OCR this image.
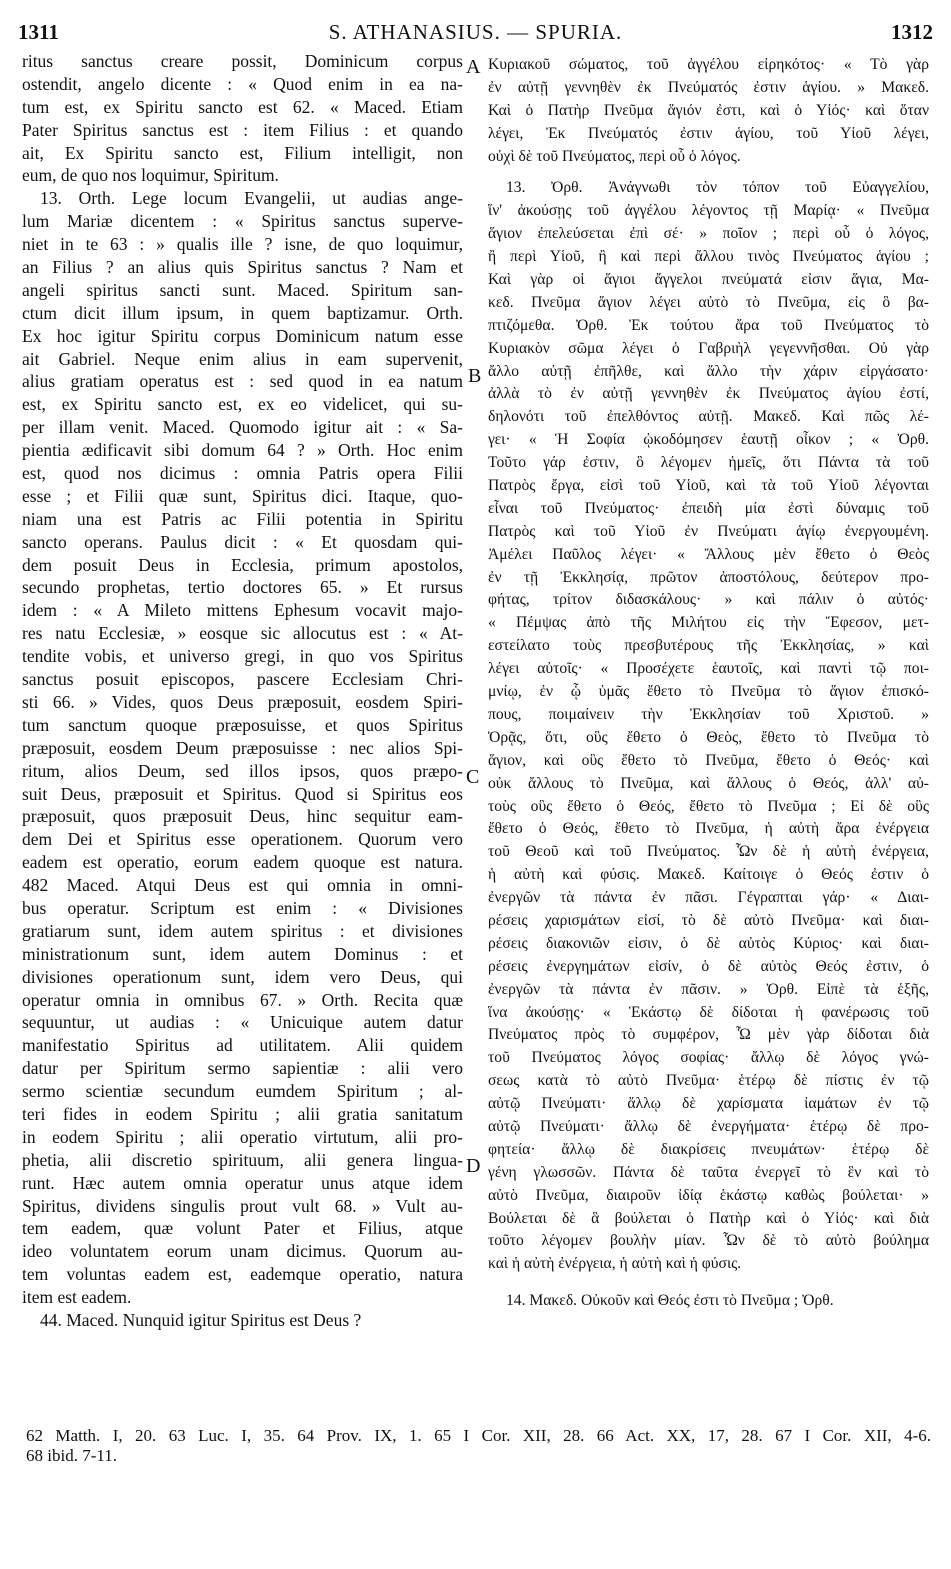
1311	S. ATHANASIUS. — SPURIA.	1312
A
B
C
D
ritus sanctus creare possit, Dominicum corpus
ostendit, angelo dicente : « Quod enim in ea na-
tum est, ex Spiritu sancto est 62. « Maced. Etiam
Pater Spiritus sanctus est : item Filius : et quando
ait, Ex Spiritu sancto est, Filium intelligit, non
eum, de quo nos loquimur, Spiritum.
13. Orth. Lege locum Evangelii, ut audias ange-
lum Mariæ dicentem : « Spiritus sanctus superve-
niet in te 63 : » qualis ille ? isne, de quo loquimur,
an Filius ? an alius quis Spiritus sanctus ? Nam et
angeli spiritus sancti sunt. Maced. Spiritum san-
ctum dicit illum ipsum, in quem baptizamur. Orth.
Ex hoc igitur Spiritu corpus Dominicum natum esse
ait Gabriel. Neque enim alius in eam supervenit,
alius gratiam operatus est : sed quod in ea natum
est, ex Spiritu sancto est, ex eo videlicet, qui su-
per illam venit. Maced. Quomodo igitur ait : « Sa-
pientia ædificavit sibi domum 64 ? » Orth. Hoc enim
est, quod nos dicimus : omnia Patris opera Filii
esse ; et Filii quæ sunt, Spiritus dici. Itaque, quo-
niam una est Patris ac Filii potentia in Spiritu
sancto operans. Paulus dicit : « Et quosdam qui-
dem posuit Deus in Ecclesia, primum apostolos,
secundo prophetas, tertio doctores 65. » Et rursus
idem : « A Mileto mittens Ephesum vocavit majo-
res natu Ecclesiæ, » eosque sic allocutus est : « At-
tendite vobis, et universo gregi, in quo vos Spiritus
sanctus posuit episcopos, pascere Ecclesiam Chri-
sti 66. » Vides, quos Deus præposuit, eosdem Spiri-
tum sanctum quoque præposuisse, et quos Spiritus
præposuit, eosdem Deum præposuisse : nec alios Spi-
ritum, alios Deum, sed illos ipsos, quos præpo-
suit Deus, præposuit et Spiritus. Quod si Spiritus eos
præposuit, quos præposuit Deus, hinc sequitur eam-
dem Dei et Spiritus esse operationem. Quorum vero
eadem est operatio, eorum eadem quoque est natura.
482 Maced. Atqui Deus est qui omnia in omni-
bus operatur. Scriptum est enim : « Divisiones
gratiarum sunt, idem autem spiritus : et divisiones
ministrationum sunt, idem autem Dominus : et
divisiones operationum sunt, idem vero Deus, qui
operatur omnia in omnibus 67. » Orth. Recita quæ
sequuntur, ut audias : « Unicuique autem datur
manifestatio Spiritus ad utilitatem. Alii quidem
datur per Spiritum sermo sapientiæ : alii vero
sermo scientiæ secundum eumdem Spiritum ; al-
teri fides in eodem Spiritu ; alii gratia sanitatum
in eodem Spiritu ; alii operatio virtutum, alii pro-
phetia, alii discretio spirituum, alii genera lingua-
runt. Hæc autem omnia operatur unus atque idem
Spiritus, dividens singulis prout vult 68. » Vult au-
tem eadem, quæ volunt Pater et Filius, atque
ideo voluntatem eorum unam dicimus. Quorum au-
tem voluntas eadem est, eademque operatio, natura
item est eadem.
44. Maced. Nunquid igitur Spiritus est Deus ?
Κυριακοῦ σώματος, τοῦ ἀγγέλου εἰρηκότος· « Τὸ γὰρ
ἐν αὐτῇ γεννηθὲν ἐκ Πνεύματός ἐστιν ἁγίου. » Μακεδ.
Καὶ ὁ Πατὴρ Πνεῦμα ἅγιόν ἐστι, καὶ ὁ Υἱός· καὶ ὅταν
λέγει, Ἐκ Πνεύματός ἐστιν ἁγίου, τοῦ Υἱοῦ λέγει,
οὐχὶ δὲ τοῦ Πνεύματος, περὶ οὗ ὁ λόγος.
13. Ὀρθ. Ἀνάγνωθι τὸν τόπον τοῦ Εὐαγγελίου,
ἵν' ἀκούσῃς τοῦ ἀγγέλου λέγοντος τῇ Μαρίᾳ· « Πνεῦμα
ἅγιον ἐπελεύσεται ἐπὶ σέ· » ποῖον ; περὶ οὗ ὁ λόγος,
ἢ περὶ Υἱοῦ, ἢ καὶ περὶ ἄλλου τινὸς Πνεύματος ἁγίου ;
Καὶ γὰρ οἱ ἅγιοι ἄγγελοι πνεύματά εἰσιν ἅγια, Μα-
κεδ. Πνεῦμα ἅγιον λέγει αὐτὸ τὸ Πνεῦμα, εἰς ὃ βα-
πτιζόμεθα. Ὀρθ. Ἐκ τούτου ἄρα τοῦ Πνεύματος τὸ
Κυριακὸν σῶμα λέγει ὁ Γαβριὴλ γεγεννῆσθαι. Οὐ γὰρ
ἄλλο αὐτῇ ἐπῆλθε, καὶ ἄλλο τὴν χάριν εἰργάσατο·
ἀλλὰ τὸ ἐν αὐτῇ γεννηθὲν ἐκ Πνεύματος ἁγίου ἐστί,
δηλονότι τοῦ ἐπελθόντος αὐτῇ. Μακεδ. Καὶ πῶς λέ-
γει· « Ἡ Σοφία ᾠκοδόμησεν ἑαυτῇ οἶκον ; « Ὀρθ.
Τοῦτο γάρ ἐστιν, ὃ λέγομεν ἡμεῖς, ὅτι Πάντα τὰ τοῦ
Πατρὸς ἔργα, εἰσὶ τοῦ Υἱοῦ, καὶ τὰ τοῦ Υἱοῦ λέγονται
εἶναι τοῦ Πνεύματος· ἐπειδὴ μία ἐστὶ δύναμις τοῦ
Πατρὸς καὶ τοῦ Υἱοῦ ἐν Πνεύματι ἁγίῳ ἐνεργουμένη.
Ἀμέλει Παῦλος λέγει· « Ἄλλους μὲν ἔθετο ὁ Θεὸς
ἐν τῇ Ἐκκλησίᾳ, πρῶτον ἀποστόλους, δεύτερον προ-
φήτας, τρίτον διδασκάλους· » καὶ πάλιν ὁ αὐτός·
« Πέμψας ἀπὸ τῆς Μιλήτου εἰς τὴν Ἔφεσον, μετ-
εστείλατο τοὺς πρεσβυτέρους τῆς Ἐκκλησίας, » καὶ
λέγει αὐτοῖς· « Προσέχετε ἑαυτοῖς, καὶ παντὶ τῷ ποι-
μνίῳ, ἐν ᾧ ὑμᾶς ἔθετο τὸ Πνεῦμα τὸ ἅγιον ἐπισκό-
πους, ποιμαίνειν τὴν Ἐκκλησίαν τοῦ Χριστοῦ. »
Ὁρᾷς, ὅτι, οὓς ἔθετο ὁ Θεὸς, ἔθετο τὸ Πνεῦμα τὸ
ἅγιον, καὶ οὓς ἔθετο τὸ Πνεῦμα, ἔθετο ὁ Θεός· καὶ
οὐκ ἄλλους τὸ Πνεῦμα, καὶ ἄλλους ὁ Θεός, ἀλλ' αὐ-
τοὺς οὓς ἔθετο ὁ Θεός, ἔθετο τὸ Πνεῦμα ; Εἰ δὲ οὓς
ἔθετο ὁ Θεός, ἔθετο τὸ Πνεῦμα, ἡ αὐτὴ ἄρα ἐνέργεια
τοῦ Θεοῦ καὶ τοῦ Πνεύματος. Ὧν δὲ ἡ αὐτὴ ἐνέργεια,
ἡ αὐτὴ καὶ φύσις. Μακεδ. Καίτοιγε ὁ Θεός ἐστιν ὁ
ἐνεργῶν τὰ πάντα ἐν πᾶσι. Γέγραπται γάρ· « Διαι-
ρέσεις χαρισμάτων εἰσί, τὸ δὲ αὐτὸ Πνεῦμα· καὶ διαι-
ρέσεις διακονιῶν εἰσιν, ὁ δὲ αὐτὸς Κύριος· καὶ διαι-
ρέσεις ἐνεργημάτων εἰσίν, ὁ δὲ αὐτὸς Θεός ἐστιν, ὁ
ἐνεργῶν τὰ πάντα ἐν πᾶσιν. » Ὀρθ. Εἰπὲ τὰ ἑξῆς,
ἵνα ἀκούσῃς· « Ἑκάστῳ δὲ δίδοται ἡ φανέρωσις τοῦ
Πνεύματος πρὸς τὸ συμφέρον, Ὧ μὲν γὰρ δίδοται διὰ
τοῦ Πνεύματος λόγος σοφίας· ἄλλῳ δὲ λόγος γνώ-
σεως κατὰ τὸ αὐτὸ Πνεῦμα· ἑτέρῳ δὲ πίστις ἐν τῷ
αὐτῷ Πνεύματι· ἄλλῳ δὲ χαρίσματα ἰαμάτων ἐν τῷ
αὐτῷ Πνεύματι· ἄλλῳ δὲ ἐνεργήματα· ἑτέρῳ δὲ προ-
φητεία· ἄλλῳ δὲ διακρίσεις πνευμάτων· ἑτέρῳ δὲ
γένη γλωσσῶν. Πάντα δὲ ταῦτα ἐνεργεῖ τὸ ἓν καὶ τὸ
αὐτὸ Πνεῦμα, διαιροῦν ἰδίᾳ ἑκάστῳ καθὼς βούλεται· »
Βούλεται δὲ ἃ βούλεται ὁ Πατὴρ καὶ ὁ Υἱός· καὶ διὰ
τοῦτο λέγομεν βουλὴν μίαν. Ὧν δὲ τὸ αὐτὸ βούλημα
καὶ ἡ αὐτὴ ἐνέργεια, ἡ αὐτὴ καὶ ἡ φύσις.
14. Μακεδ. Οὐκοῦν καὶ Θεός ἐστι τὸ Πνεῦμα ; Ὀρθ.
62 Matth. I, 20. 63 Luc. I, 35. 64 Prov. IX, 1. 65 I Cor. XII, 28. 66 Act. XX, 17, 28. 67 I Cor. XII, 4-6.
68 ibid. 7-11.
